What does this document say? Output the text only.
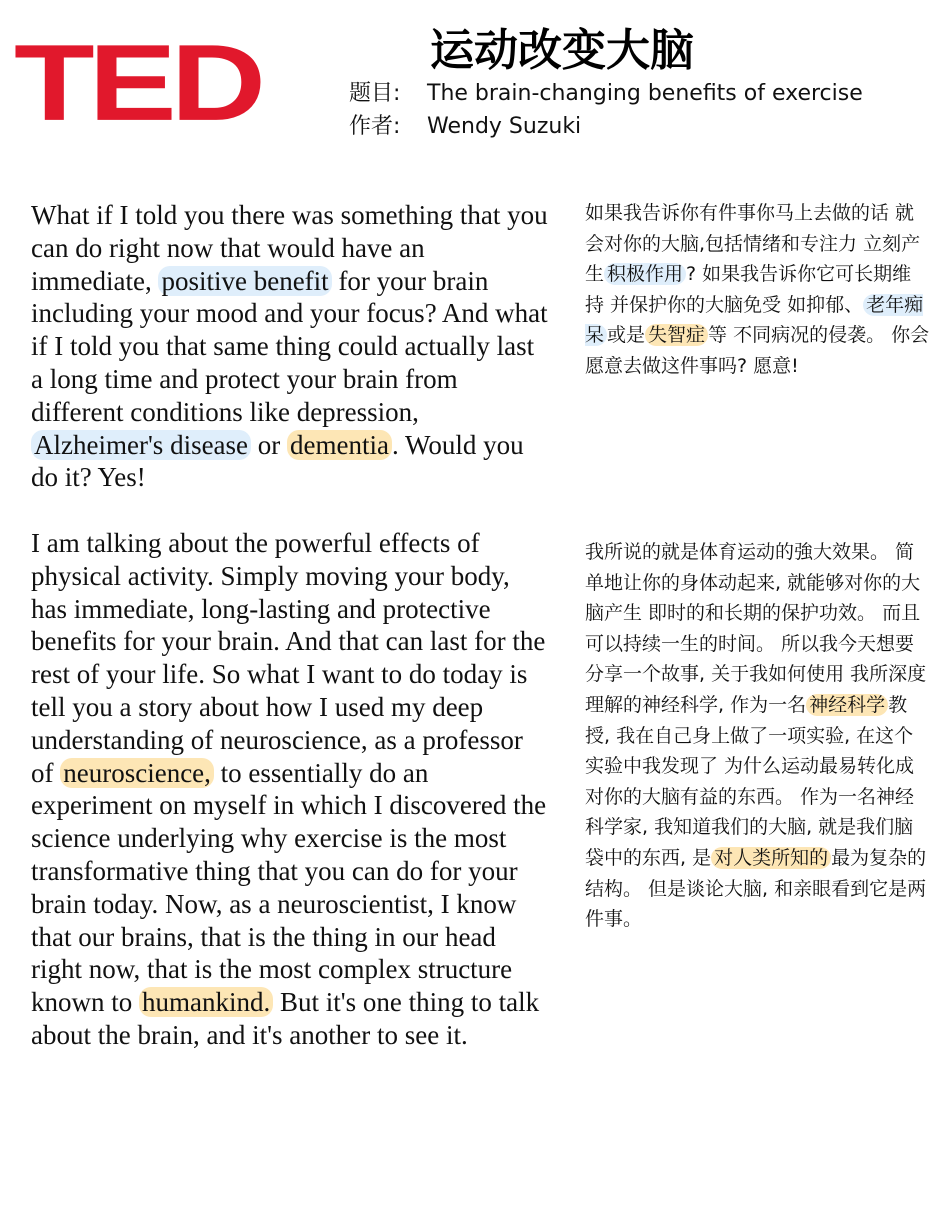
TED	运动改变大脑
题目: The brain-changing benefits of exercise
作者: Wendy Suzuki
What if I told you there was something that you can do right now that would have an immediate, positive benefit for your brain including your mood and your focus? And what if I told you that same thing could actually last a long time and protect your brain from different conditions like depression, Alzheimer's disease or dementia . Would you do it? Yes!
I am talking about the powerful effects of physical activity. Simply moving your body, has immediate, long-lasting and protective benefits for your brain. And that can last for the rest of your life. So what I want to do today is tell you a story about how I used my deep understanding of neuroscience, as a professor of neuroscience, to essentially do an experiment on myself in which I discovered the science underlying why exercise is the most transformative thing that you can do for your brain today. Now, as a neuroscientist, I know that our brains, that is the thing in our head right now, that is the most complex structure known to humankind. But it's one thing to talk about the brain, and it's another to see it.
如果我告诉你有件事你马上去做的话 就会对你的大脑,包括情绪和专注力 立刻产生 积极作用 ? 如果我告诉你它可长期维持 并保护你的大脑免受 如抑郁、 老年痴呆 或是 失智症 等 不同病况的侵袭。 你会愿意去做这件事吗? 愿意!
我所说的就是体育运动的強大效果。 简单地让你的身体动起来, 就能够对你的大脑产生 即时的和长期的保护功效。 而且可以持续一生的时间。 所以我今天想要分享一个故事, 关于我如何使用 我所深度理解的神经科学, 作为一名 神经科学 教授, 我在自己身上做了一项实验, 在这个实验中我发现了 为什么运动最易转化成 对你的大脑有益的东西。 作为一名神经科学家, 我知道我们的大脑, 就是我们脑袋中的东西, 是 对人类所知的 最为复杂的结构。 但是谈论大脑, 和亲眼看到它是两件事。
